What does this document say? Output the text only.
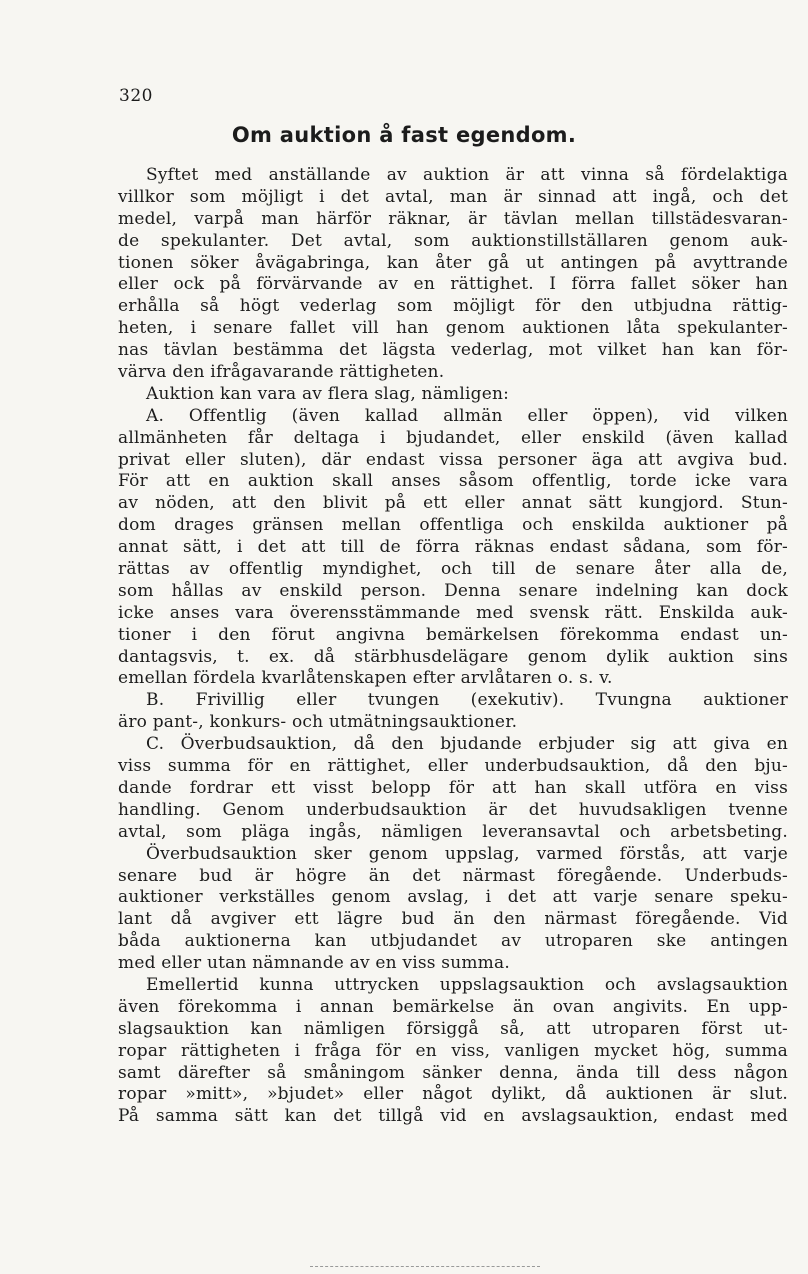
320
Om auktion å fast egendom.
Syftet med anställande av auktion är att vinna så fördelaktiga
villkor som möjligt i det avtal, man är sinnad att ingå, och det
medel, varpå man härför räknar, är tävlan mellan tillstädesvaran-
de spekulanter. Det avtal, som auktionstillställaren genom auk-
tionen söker åvägabringa, kan åter gå ut antingen på avyttrande
eller ock på förvärvande av en rättighet. I förra fallet söker han
erhålla så högt vederlag som möjligt för den utbjudna rättig-
heten, i senare fallet vill han genom auktionen låta spekulanter-
nas tävlan bestämma det lägsta vederlag, mot vilket han kan för-
värva den ifrågavarande rättigheten.
Auktion kan vara av flera slag, nämligen:
A. Offentlig (även kallad allmän eller öppen), vid vilken
allmänheten får deltaga i bjudandet, eller enskild (även kallad
privat eller sluten), där endast vissa personer äga att avgiva bud.
För att en auktion skall anses såsom offentlig, torde icke vara
av nöden, att den blivit på ett eller annat sätt kungjord. Stun-
dom drages gränsen mellan offentliga och enskilda auktioner på
annat sätt, i det att till de förra räknas endast sådana, som för-
rättas av offentlig myndighet, och till de senare åter alla de,
som hållas av enskild person. Denna senare indelning kan dock
icke anses vara överensstämmande med svensk rätt. Enskilda auk-
tioner i den förut angivna bemärkelsen förekomma endast un-
dantagsvis, t. ex. då stärbhusdelägare genom dylik auktion sins
emellan fördela kvarlåtenskapen efter arvlåtaren o. s. v.
B. Frivillig eller tvungen (exekutiv). Tvungna auktioner
äro pant-, konkurs- och utmätningsauktioner.
C. Överbudsauktion, då den bjudande erbjuder sig att giva en
viss summa för en rättighet, eller underbudsauktion, då den bju-
dande fordrar ett visst belopp för att han skall utföra en viss
handling. Genom underbudsauktion är det huvudsakligen tvenne
avtal, som pläga ingås, nämligen leveransavtal och arbetsbeting.
Överbudsauktion sker genom uppslag, varmed förstås, att varje
senare bud är högre än det närmast föregående. Underbuds-
auktioner verkställes genom avslag, i det att varje senare speku-
lant då avgiver ett lägre bud än den närmast föregående. Vid
båda auktionerna kan utbjudandet av utroparen ske antingen
med eller utan nämnande av en viss summa.
Emellertid kunna uttrycken uppslagsauktion och avslagsauktion
även förekomma i annan bemärkelse än ovan angivits. En upp-
slagsauktion kan nämligen försiggå så, att utroparen först ut-
ropar rättigheten i fråga för en viss, vanligen mycket hög, summa
samt därefter så småningom sänker denna, ända till dess någon
ropar »mitt», »bjudet» eller något dylikt, då auktionen är slut.
På samma sätt kan det tillgå vid en avslagsauktion, endast med
